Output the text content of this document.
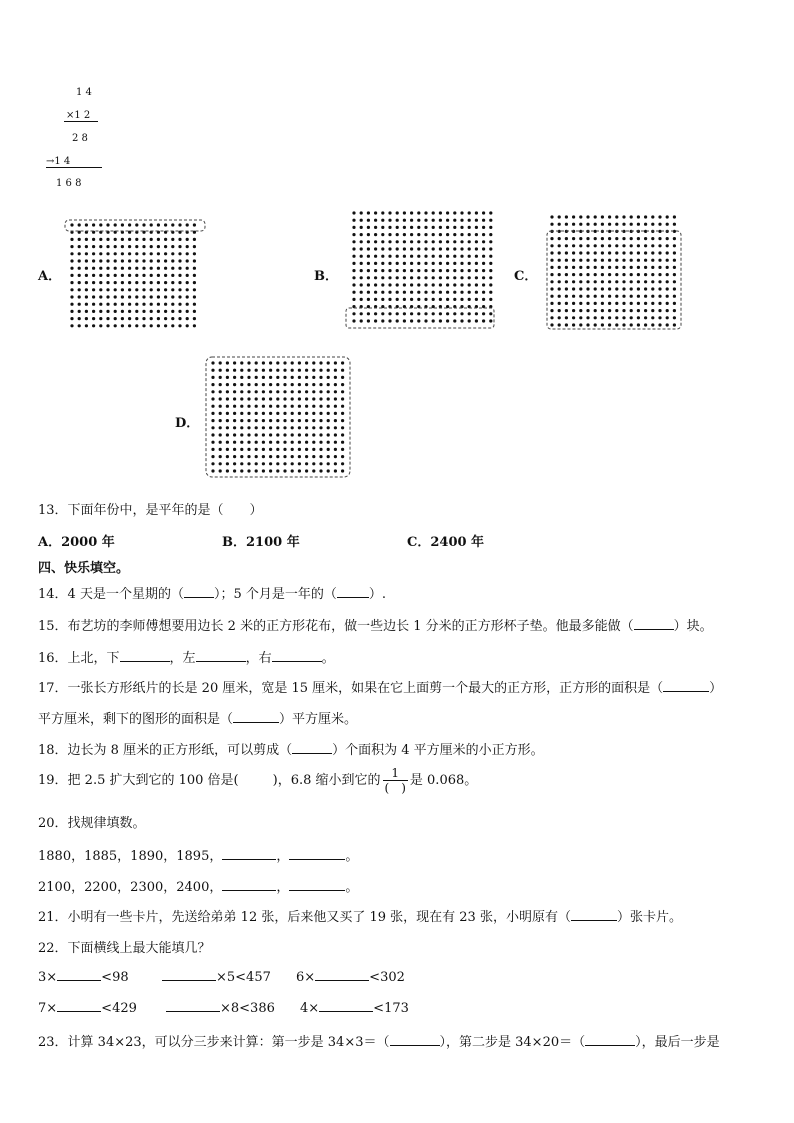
1 4
×1 2
2 8
→1 4
1 6 8
A．	B．	C．
D．
13．下面年份中，是平年的是（　　）
A．2000 年	B．2100 年	C．2400 年
四、快乐填空。
14．4 天是一个星期的（ ）；5 个月是一年的（ ）.
15．布艺坊的李师傅想要用边长 2 米的正方形花布，做一些边长 1 分米的正方形杯子垫。他最多能做（	）块。
16．上北，下	，左	，右	。
17．一张长方形纸片的长是 20 厘米，宽是 15 厘米，如果在它上面剪一个最大的正方形，正方形的面积是（	）
平方厘米，剩下的图形的面积是（	）平方厘米。
18．边长为 8 厘米的正方形纸，可以剪成（	）个面积为 4 平方厘米的小正方形。
19．把 2.5 扩大到它的 100 倍是(	)，6.8 缩小到它的 $\frac{1}{( )}$ 是 0.068。
20．找规律填数。
1880，1885，1890，1895，	，	。
2100，2200，2300，2400，	，	。
21．小明有一些卡片，先送给弟弟 12 张，后来他又买了 19 张，现在有 23 张，小明原有（	）张卡片。
22．下面横线上最大能填几？
3×	<98	×5<457 6×	<302
7×	<429	×8<386 4×	<173
23．计算 34×23，可以分三步来计算：第一步是 34×3＝（	），第二步是 34×20＝（	），最后一步是
